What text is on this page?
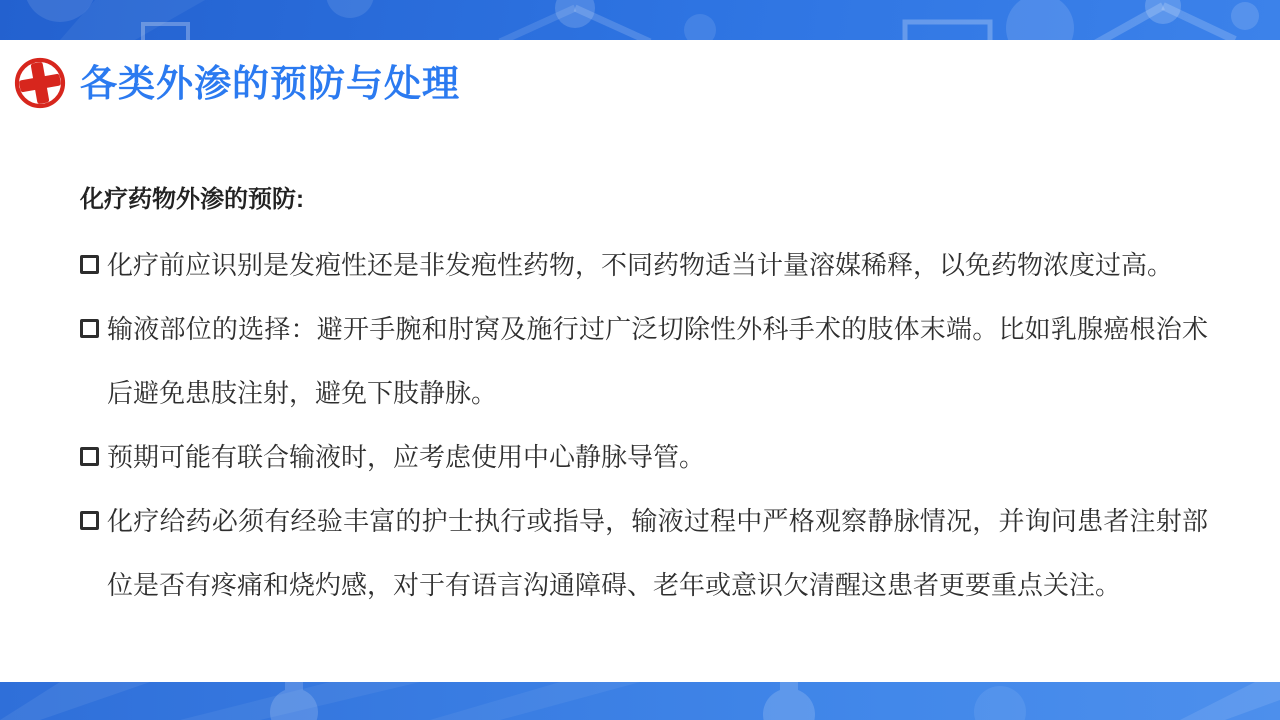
各类外渗的预防与处理
化疗药物外渗的预防:
化疗前应识别是发疱性还是非发疱性药物，不同药物适当计量溶媒稀释，以免药物浓度过高。
输液部位的选择：避开手腕和肘窝及施行过广泛切除性外科手术的肢体末端。比如乳腺癌根治术后避免患肢注射，避免下肢静脉。
预期可能有联合输液时，应考虑使用中心静脉导管。
化疗给药必须有经验丰富的护士执行或指导，输液过程中严格观察静脉情况，并询问患者注射部位是否有疼痛和烧灼感，对于有语言沟通障碍、老年或意识欠清醒这患者更要重点关注。
